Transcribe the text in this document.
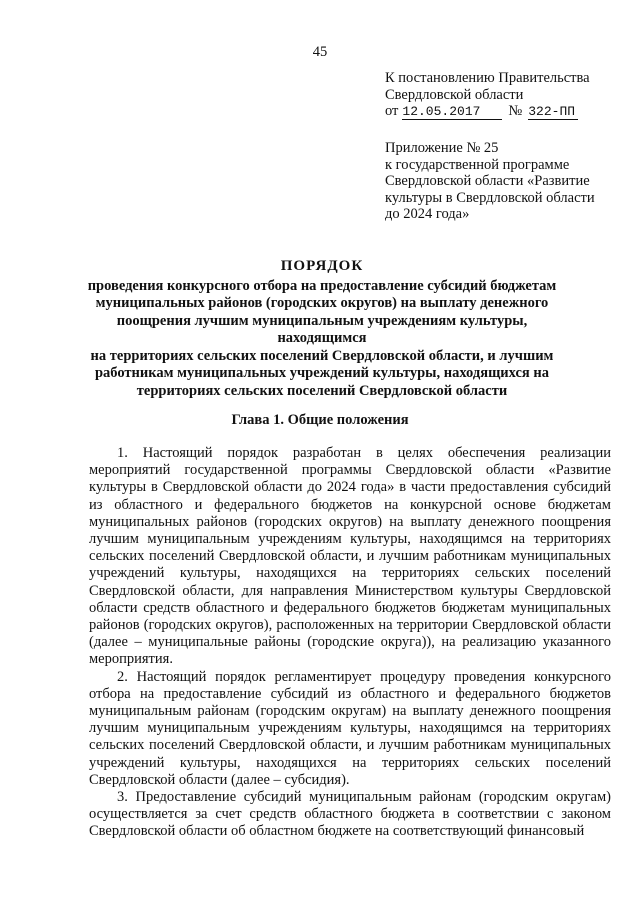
45
К постановлению Правительства
Свердловской области
от 12.05.2017	№ 322-ПП
Приложение № 25
к государственной программе
Свердловской области «Развитие
культуры в Свердловской области
до 2024 года»
ПОРЯДОК
проведения конкурсного отбора на предоставление субсидий бюджетам
муниципальных районов (городских округов) на выплату денежного
поощрения лучшим муниципальным учреждениям культуры, находящимся
на территориях сельских поселений Свердловской области, и лучшим
работникам муниципальных учреждений культуры, находящихся на
территориях сельских поселений Свердловской области
Глава 1. Общие положения

1. Настоящий порядок разработан в целях обеспечения реализации мероприятий государственной программы Свердловской области «Развитие культуры в Свердловской области до 2024 года» в части предоставления субсидий из областного и федерального бюджетов на конкурсной основе бюджетам муниципальных районов (городских округов) на выплату денежного поощрения лучшим муниципальным учреждениям культуры, находящимся на территориях сельских поселений Свердловской области, и лучшим работникам муниципальных учреждений культуры, находящихся на территориях сельских поселений Свердловской области, для направления Министерством культуры Свердловской области средств областного и федерального бюджетов бюджетам муниципальных районов (городских округов), расположенных на территории Свердловской области (далее – муниципальные районы (городские округа)), на реализацию указанного мероприятия.

2. Настоящий порядок регламентирует процедуру проведения конкурсного отбора на предоставление субсидий из областного и федерального бюджетов муниципальным районам (городским округам) на выплату денежного поощрения лучшим муниципальным учреждениям культуры, находящимся на территориях сельских поселений Свердловской области, и лучшим работникам муниципальных учреждений культуры, находящихся на территориях сельских поселений Свердловской области (далее – субсидия).

3. Предоставление субсидий муниципальным районам (городским округам) осуществляется за счет средств областного бюджета в соответствии с законом Свердловской области об областном бюджете на соответствующий финансовый
